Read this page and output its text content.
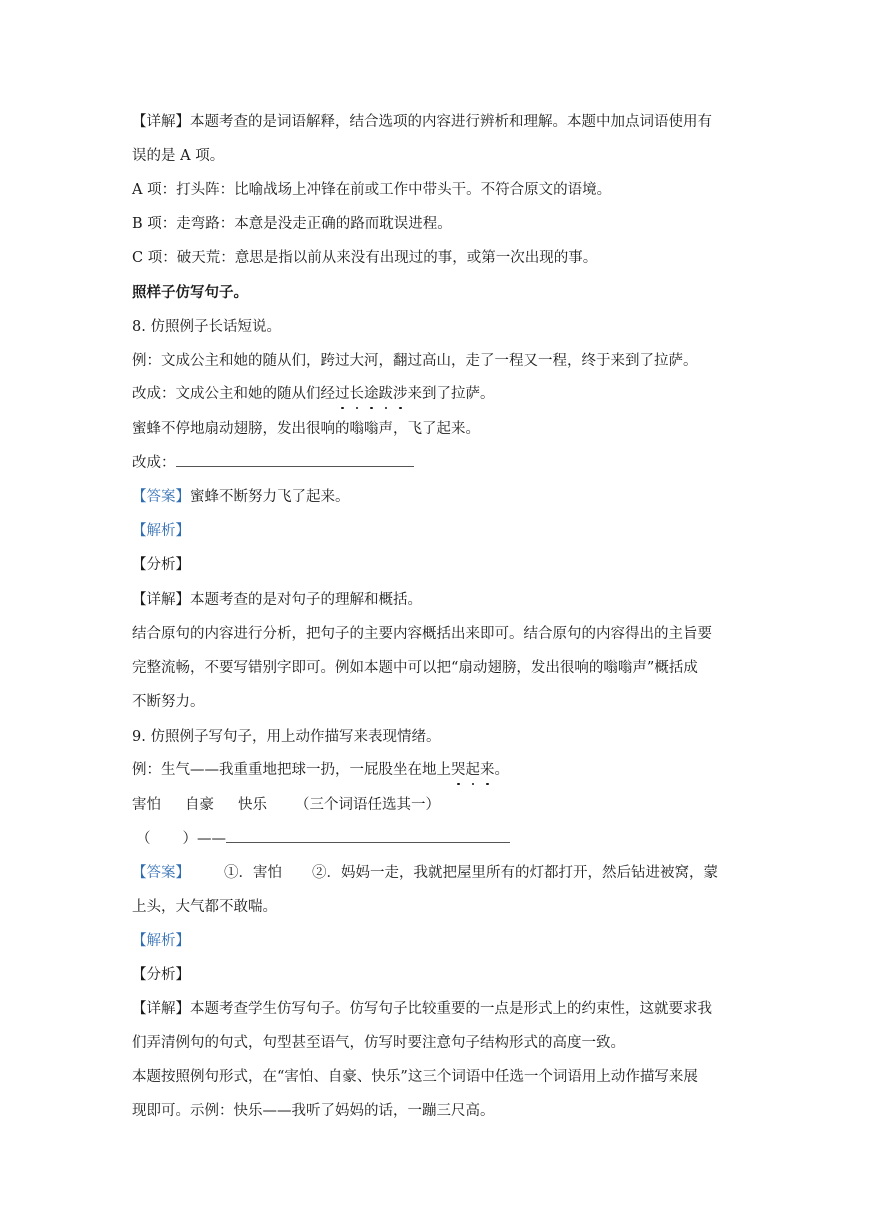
【详解】本题考查的是词语解释，结合选项的内容进行辨析和理解。本题中加点词语使用有
误的是 A 项。
A 项：打头阵：比喻战场上冲锋在前或工作中带头干。不符合原文的语境。
B 项：走弯路：本意是没走正确的路而耽误进程。
C 项：破天荒：意思是指以前从来没有出现过的事，或第一次出现的事。
照样子仿写句子。
8. 仿照例子长话短说。
例：文成公主和她的随从们，跨过大河，翻过高山，走了一程又一程，终于来到了拉萨。
改成：文成公主和她的随从们经过长途跋涉来到了拉萨。
蜜蜂不停地扇动翅膀，发出很响的嗡嗡声，飞了起来。
改成：
【答案】蜜蜂不断努力飞了起来。
【解析】
【分析】
【详解】本题考查的是对句子的理解和概括。
结合原句的内容进行分析，把句子的主要内容概括出来即可。结合原句的内容得出的主旨要
完整流畅，不要写错别字即可。例如本题中可以把“扇动翅膀，发出很响的嗡嗡声”概括成
不断努力。
9. 仿照例子写句子，用上动作描写来表现情绪。
例：生气——我重重地把球一扔，一屁股坐在地上哭起来。
害怕 自豪 快乐 （三个词语任选其一）
（ ）——
【答案】 ①．害怕 ②．妈妈一走，我就把屋里所有的灯都打开，然后钻进被窝，蒙
上头，大气都不敢喘。
【解析】
【分析】
【详解】本题考查学生仿写句子。仿写句子比较重要的一点是形式上的约束性，这就要求我
们弄清例句的句式，句型甚至语气，仿写时要注意句子结构形式的高度一致。
本题按照例句形式，在“害怕、自豪、快乐”这三个词语中任选一个词语用上动作描写来展
现即可。示例：快乐——我听了妈妈的话，一蹦三尺高。
